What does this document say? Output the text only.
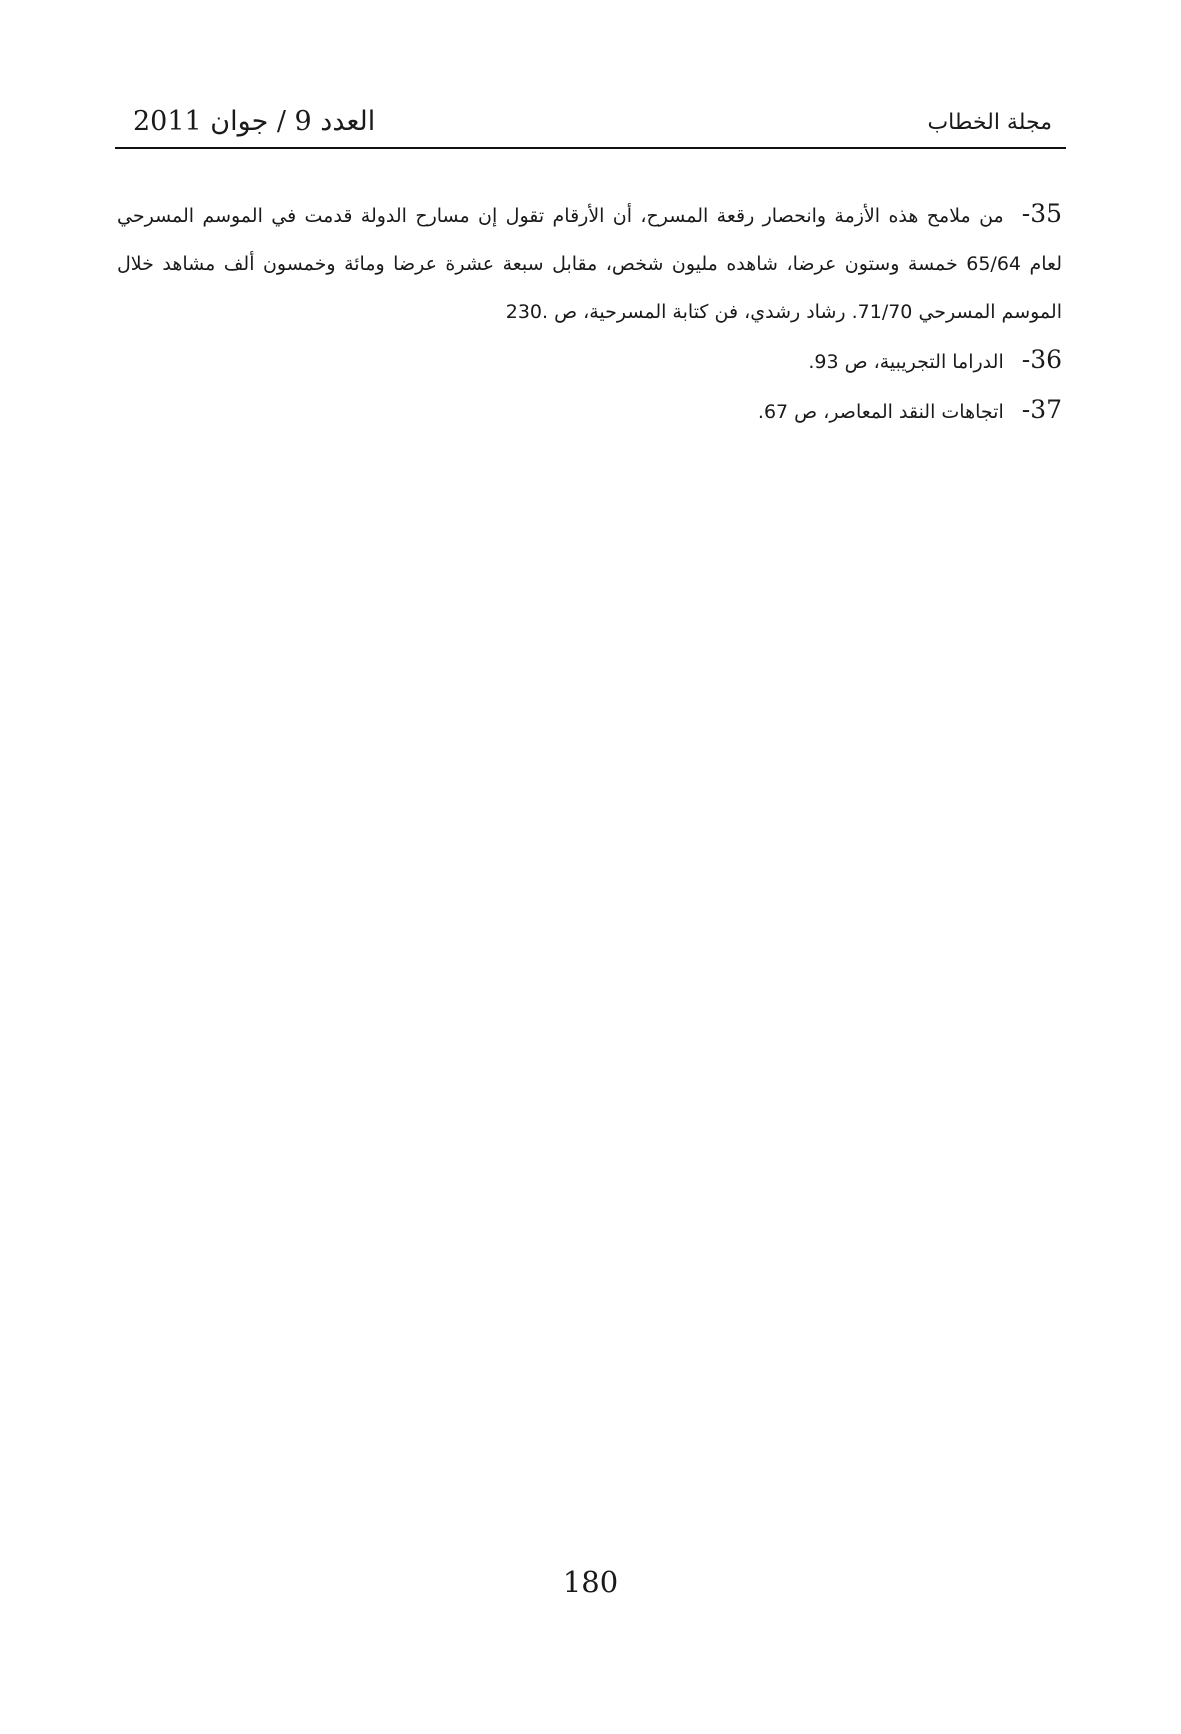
مجلة الخطاب
العدد 9 / جوان 2011

35-من ملامح هذه الأزمة وانحصار رقعة المسرح، أن الأرقام تقول إن مسارح الدولة قدمت في الموسم المسرحي لعام 65/64 خمسة وستون عرضا، شاهده مليون شخص، مقابل سبعة عشرة عرضا ومائة وخمسون ألف مشاهد خلال الموسم المسرحي 71/70. رشاد رشدي، فن كتابة المسرحية، ص .230

36-الدراما التجريبية، ص 93.

37-اتجاهات النقد المعاصر، ص 67.

180
